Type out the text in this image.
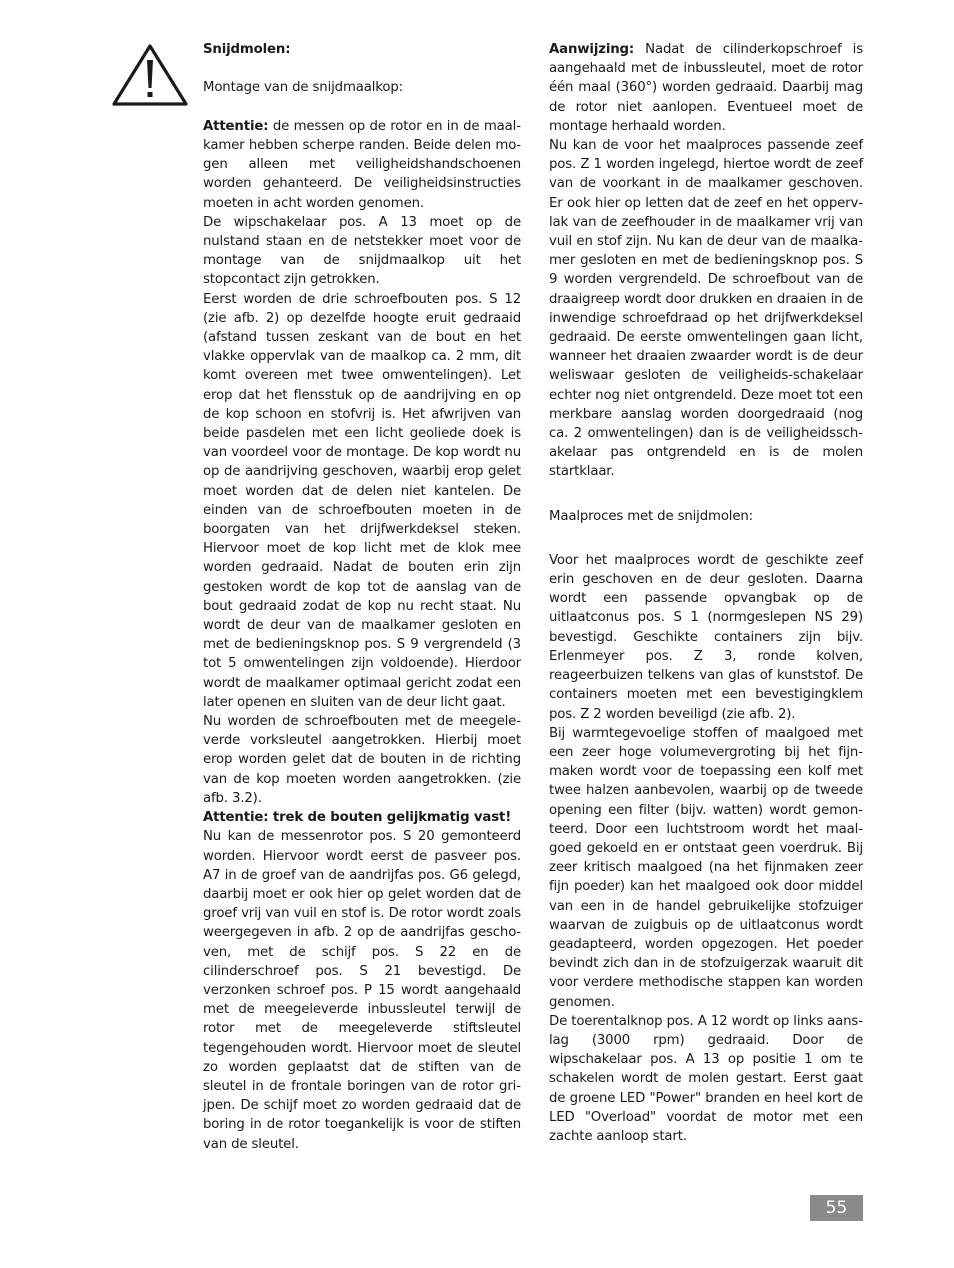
Snijdmolen:

Montage van de snijdmaalkop:

Attentie: de messen op de rotor en in de maalkamer hebben scherpe randen. Beide delen mogen alleen met veiligheidshandschoenen worden gehanteerd. De veiligheidsinstructies moeten in acht worden genomen.

De wipschakelaar pos. A 13 moet op de nulstand staan en de netstekker moet voor de montage van de snijdmaalkop uit het stopcontact zijn getrokken.

Eerst worden de drie schroefbouten pos. S 12 (zie afb. 2) op dezelfde hoogte eruit gedraaid (afstand tussen zeskant van de bout en het vlakke oppervlak van de maalkop ca. 2 mm, dit komt overeen met twee omwentelingen). Let erop dat het flensstuk op de aandrijving en op de kop schoon en stofvrij is. Het afwrijven van beide pasdelen met een licht geoliede doek is van voordeel voor de montage. De kop wordt nu op de aandrijving geschoven, waarbij erop gelet moet worden dat de delen niet kantelen. De einden van de schroefbouten moeten in de boorgaten van het drijfwerkdeksel steken. Hiervoor moet de kop licht met de klok mee worden gedraaid. Nadat de bouten erin zijn gestoken wordt de kop tot de aanslag van de bout gedraaid zodat de kop nu recht staat. Nu wordt de deur van de maalkamer gesloten en met de bedieningsknop pos. S 9 vergrendeld (3 tot 5 omwentelingen zijn voldoende). Hierdoor wordt de maalkamer optimaal gericht zodat een later openen en sluiten van de deur licht gaat.

Nu worden de schroefbouten met de meegeleverde vorksleutel aangetrokken. Hierbij moet erop worden gelet dat de bouten in de richting van de kop moeten worden aangetrokken. (zie afb. 3.2).

Attentie: trek de bouten gelijkmatig vast!

Nu kan de messenrotor pos. S 20 gemonteerd worden. Hiervoor wordt eerst de pasveer pos. A7 in de groef van de aandrijfas pos. G6 gelegd, daarbij moet er ook hier op gelet worden dat de groef vrij van vuil en stof is. De rotor wordt zoals weergegeven in afb. 2 op de aandrijfas geschoven, met de schijf pos. S 22 en de cilinderschroef pos. S 21 bevestigd. De verzonken schroef pos. P 15 wordt aangehaald met de meegeleverde inbussleutel terwijl de rotor met de meegeleverde stiftsleutel tegengehouden wordt. Hiervoor moet de sleutel zo worden geplaatst dat de stiften van de sleutel in de frontale boringen van de rotor grijpen. De schijf moet zo worden gedraaid dat de boring in de rotor toegankelijk is voor de stiften van de sleutel.

Aanwijzing: Nadat de cilinderkopschroef is aangehaald met de inbussleutel, moet de rotor één maal (360°) worden gedraaid. Daarbij mag de rotor niet aanlopen. Eventueel moet de montage herhaald worden.

Nu kan de voor het maalproces passende zeef pos. Z 1 worden ingelegd, hiertoe wordt de zeef van de voorkant in de maalkamer geschoven. Er ook hier op letten dat de zeef en het oppervlak van de zeefhouder in de maalkamer vrij van vuil en stof zijn. Nu kan de deur van de maalkamer gesloten en met de bedieningsknop pos. S 9 worden vergrendeld. De schroefbout van de draaigreep wordt door drukken en draaien in de inwendige schroefdraad op het drijfwerkdeksel gedraaid. De eerste omwentelingen gaan licht, wanneer het draaien zwaarder wordt is de deur weliswaar gesloten de veiligheids-schakelaar echter nog niet ontgrendeld. Deze moet tot een merkbare aanslag worden doorgedraaid (nog ca. 2 omwentelingen) dan is de veiligheidsschakelaar pas ontgrendeld en is de molen startklaar.

Maalproces met de snijdmolen:

Voor het maalproces wordt de geschikte zeef erin geschoven en de deur gesloten. Daarna wordt een passende opvangbak op de uitlaatconus pos. S 1 (normgeslepen NS 29) bevestigd. Geschikte containers zijn bijv. Erlenmeyer pos. Z 3, ronde kolven, reageerbuizen telkens van glas of kunststof. De containers moeten met een bevestigingklem pos. Z 2 worden beveiligd (zie afb. 2).

Bij warmtegevoelige stoffen of maalgoed met een zeer hoge volumevergroting bij het fijnmaken wordt voor de toepassing een kolf met twee halzen aanbevolen, waarbij op de tweede opening een filter (bijv. watten) wordt gemonteerd. Door een luchtstroom wordt het maalgoed gekoeld en er ontstaat geen voerdruk. Bij zeer kritisch maalgoed (na het fijnmaken zeer fijn poeder) kan het maalgoed ook door middel van een in de handel gebruikelijke stofzuiger waarvan de zuigbuis op de uitlaatconus wordt geadapteerd, worden opgezogen. Het poeder bevindt zich dan in de stofzuigerzak waaruit dit voor verdere methodische stappen kan worden genomen.

De toerentalknop pos. A 12 wordt op links aanslag (3000 rpm) gedraaid. Door de wipschakelaar pos. A 13 op positie 1 om te schakelen wordt de molen gestart. Eerst gaat de groene LED "Power" branden en heel kort de LED "Overload" voordat de motor met een zachte aanloop start.

55
